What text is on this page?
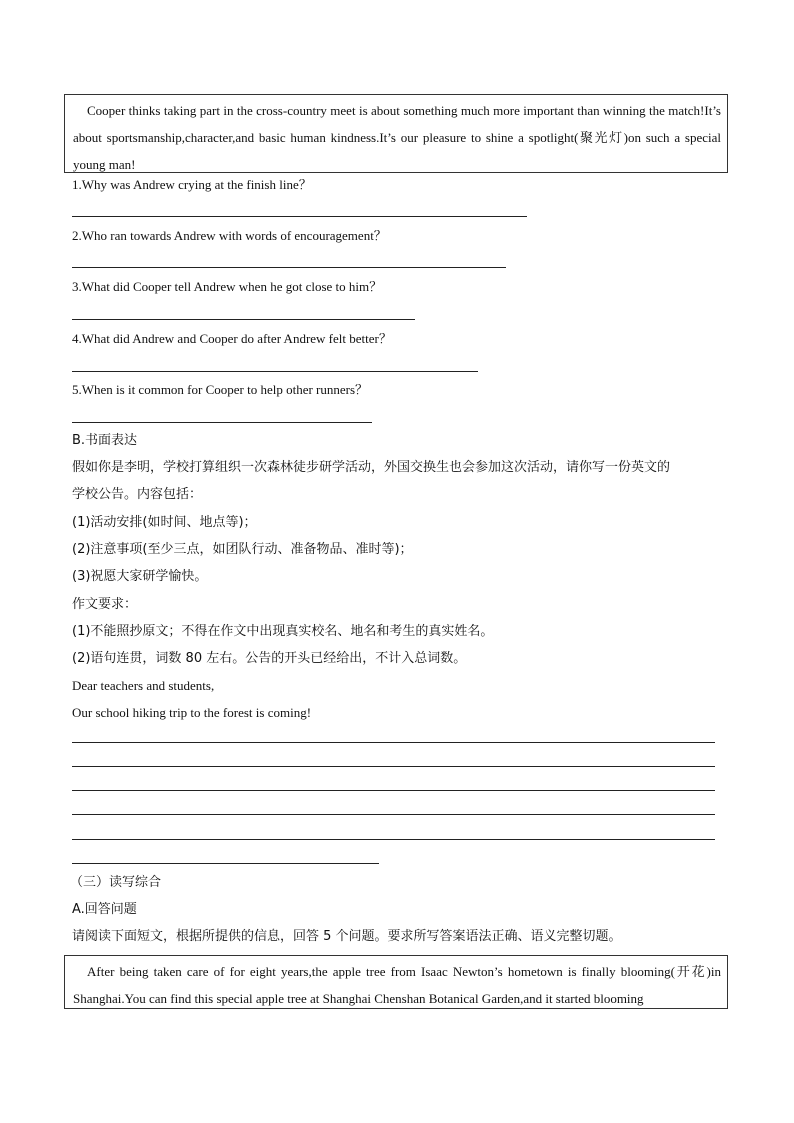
Cooper thinks taking part in the cross-country meet is about something much more important than winning the match!It’s about sportsmanship,character,and basic human kindness.It’s our pleasure to shine a spotlight(聚光灯)on such a special young man!

1.Why was Andrew crying at the finish line？
2.Who ran towards Andrew with words of encouragement？
3.What did Cooper tell Andrew when he got close to him？
4.What did Andrew and Cooper do after Andrew felt better？
5.When is it common for Cooper to help other runners？
B.书面表达
假如你是李明，学校打算组织一次森林徒步研学活动，外国交换生也会参加这次活动，请你写一份英文的
学校公告。内容包括：
(1)活动安排(如时间、地点等)；
(2)注意事项(至少三点，如团队行动、准备物品、准时等)；
(3)祝愿大家研学愉快。
作文要求：
(1)不能照抄原文；不得在作文中出现真实校名、地名和考生的真实姓名。
(2)语句连贯，词数 80 左右。公告的开头已经给出，不计入总词数。
Dear teachers and students,
Our school hiking trip to the forest is coming!
（三）读写综合
A.回答问题
请阅读下面短文，根据所提供的信息，回答 5 个问题。要求所写答案语法正确、语义完整切题。

After being taken care of for eight years,the apple tree from Isaac Newton’s hometown is finally blooming(开花)in Shanghai.You can find this special apple tree at Shanghai Chenshan Botanical Garden,and it started blooming
